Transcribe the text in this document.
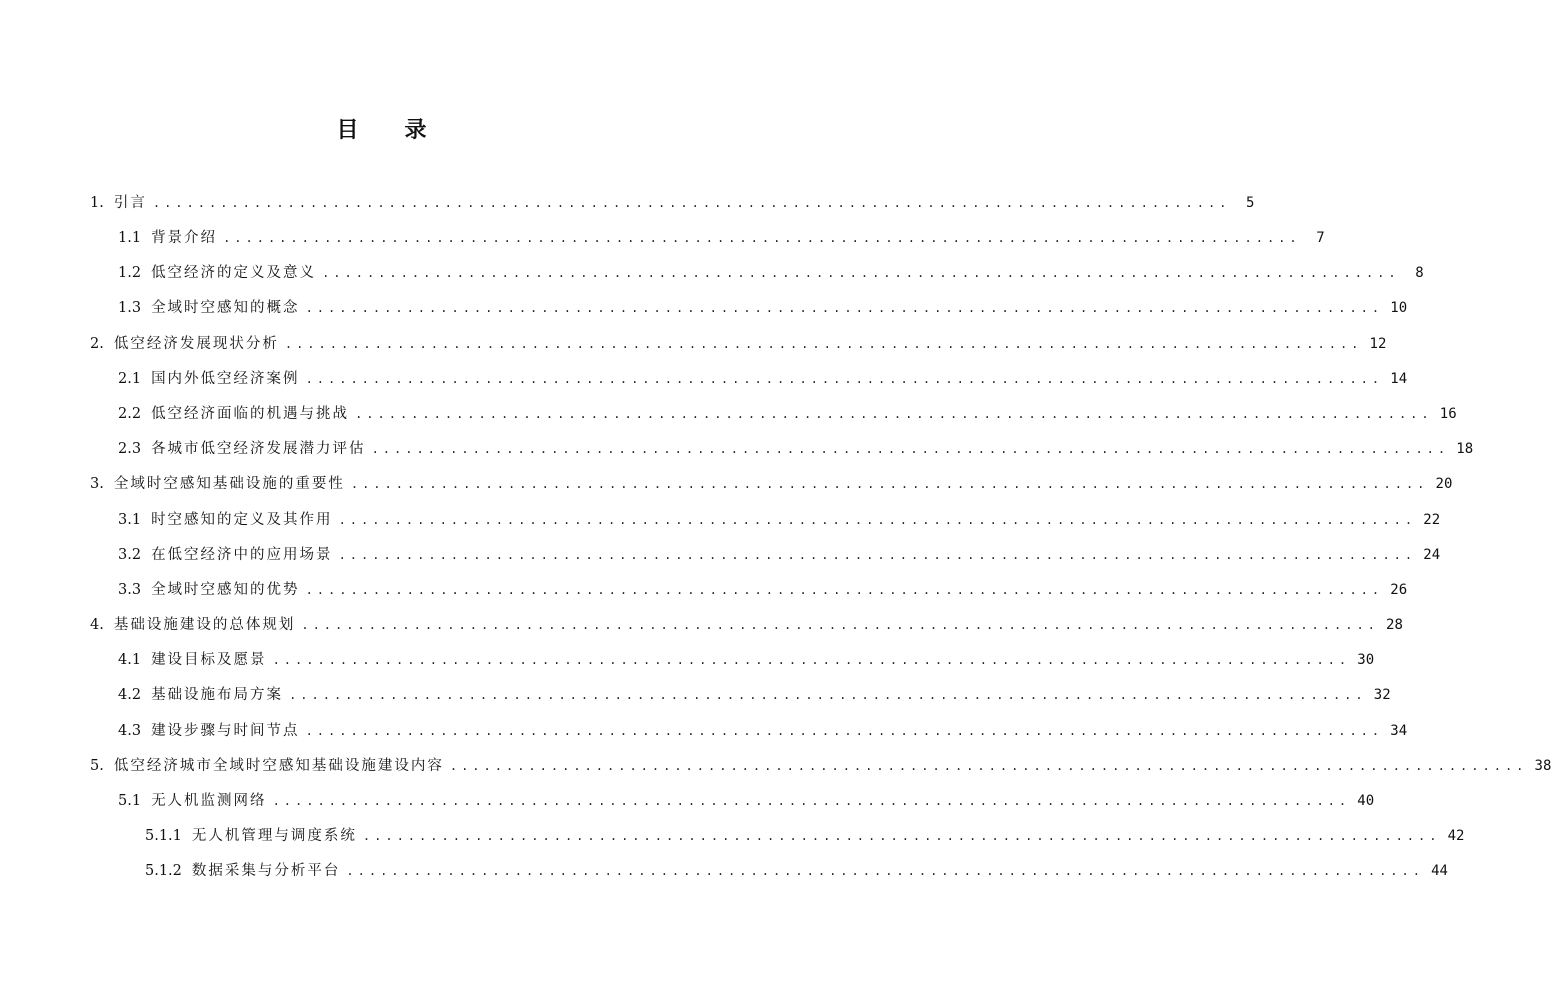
目 录
1. 引言 ................................................................................................	5
1.1 背景介绍 ................................................................................................	7
1.2 低空经济的定义及意义 ................................................................................................	8
1.3 全域时空感知的概念 ................................................................................................ 10
2. 低空经济发展现状分析 ................................................................................................ 12
2.1 国内外低空经济案例 ................................................................................................ 14
2.2 低空经济面临的机遇与挑战 ................................................................................................ 16
2.3 各城市低空经济发展潜力评估 ................................................................................................ 18
3. 全域时空感知基础设施的重要性 ................................................................................................ 20
3.1 时空感知的定义及其作用 ................................................................................................ 22
3.2 在低空经济中的应用场景 ................................................................................................ 24
3.3 全域时空感知的优势 ................................................................................................ 26
4. 基础设施建设的总体规划 ................................................................................................ 28
4.1 建设目标及愿景 ................................................................................................ 30
4.2 基础设施布局方案 ................................................................................................ 32
4.3 建设步骤与时间节点 ................................................................................................ 34
5. 低空经济城市全域时空感知基础设施建设内容 ................................................................................................ 38
5.1 无人机监测网络 ................................................................................................ 40
5.1.1 无人机管理与调度系统 ................................................................................................ 42
5.1.2 数据采集与分析平台 ................................................................................................ 44
